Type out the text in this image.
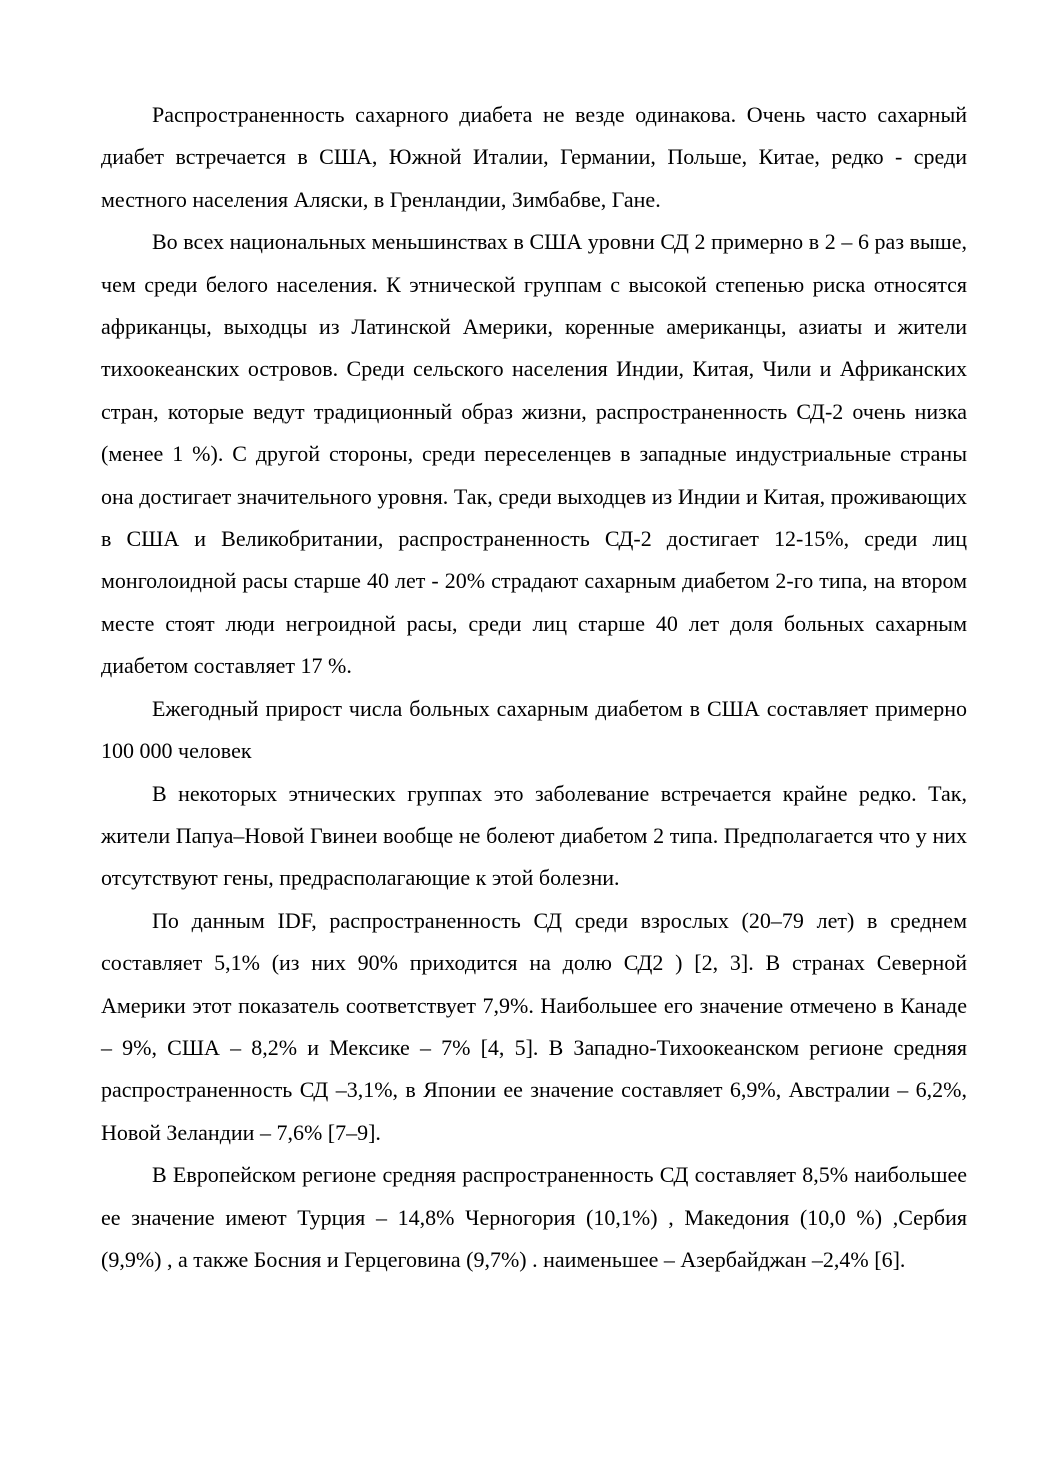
Распространенность сахарного диабета не везде одинакова. Очень часто сахарный диабет встречается в США, Южной Италии, Германии, Польше, Китае, редко - среди местного населения Аляски, в Гренландии, Зимбабве, Гане.

Во всех национальных меньшинствах в США уровни СД 2 примерно в 2 – 6 раз выше, чем среди белого населения. К этнической группам с высокой степенью риска относятся африканцы, выходцы из Латинской Америки, коренные американцы, азиаты и жители тихоокеанских островов. Среди сельского населения Индии, Китая, Чили и Африканских стран, которые ведут традиционный образ жизни, распространенность СД-2 очень низка (менее 1 %). С другой стороны, среди переселенцев в западные индустриальные страны она достигает значительного уровня. Так, среди выходцев из Индии и Китая, проживающих в США и Великобритании, распространенность СД-2 достигает 12-15%, среди лиц монголоидной расы старше 40 лет - 20% страдают сахарным диабетом 2-го типа, на втором месте стоят люди негроидной расы, среди лиц старше 40 лет доля больных сахарным диабетом составляет 17 %.

Ежегодный прирост числа больных сахарным диабетом в США составляет примерно 100 000 человек

В некоторых этнических группах это заболевание встречается крайне редко. Так, жители Папуа–Новой Гвинеи вообще не болеют диабетом 2 типа. Предполагается что у них отсутствуют гены, предрасполагающие к этой болезни.

По данным IDF, распространенность СД среди взрослых (20–79 лет) в среднем составляет 5,1% (из них 90% приходится на долю СД2 ) [2, 3]. В странах Северной Америки этот показатель соответствует 7,9%. Наибольшее его значение отмечено в Канаде – 9%, США – 8,2% и Мексике – 7% [4, 5]. В Западно-Тихоокеанском регионе средняя распространенность СД –3,1%, в Японии ее значение составляет 6,9%, Австралии – 6,2%, Новой Зеландии – 7,6% [7–9].

В Европейском регионе средняя распространенность СД составляет 8,5% наибольшее ее значение имеют Турция – 14,8% Черногория (10,1%) , Македония (10,0 %) ,Сербия (9,9%) , а также Босния и Герцеговина (9,7%) . наименьшее – Азербайджан –2,4% [6].
